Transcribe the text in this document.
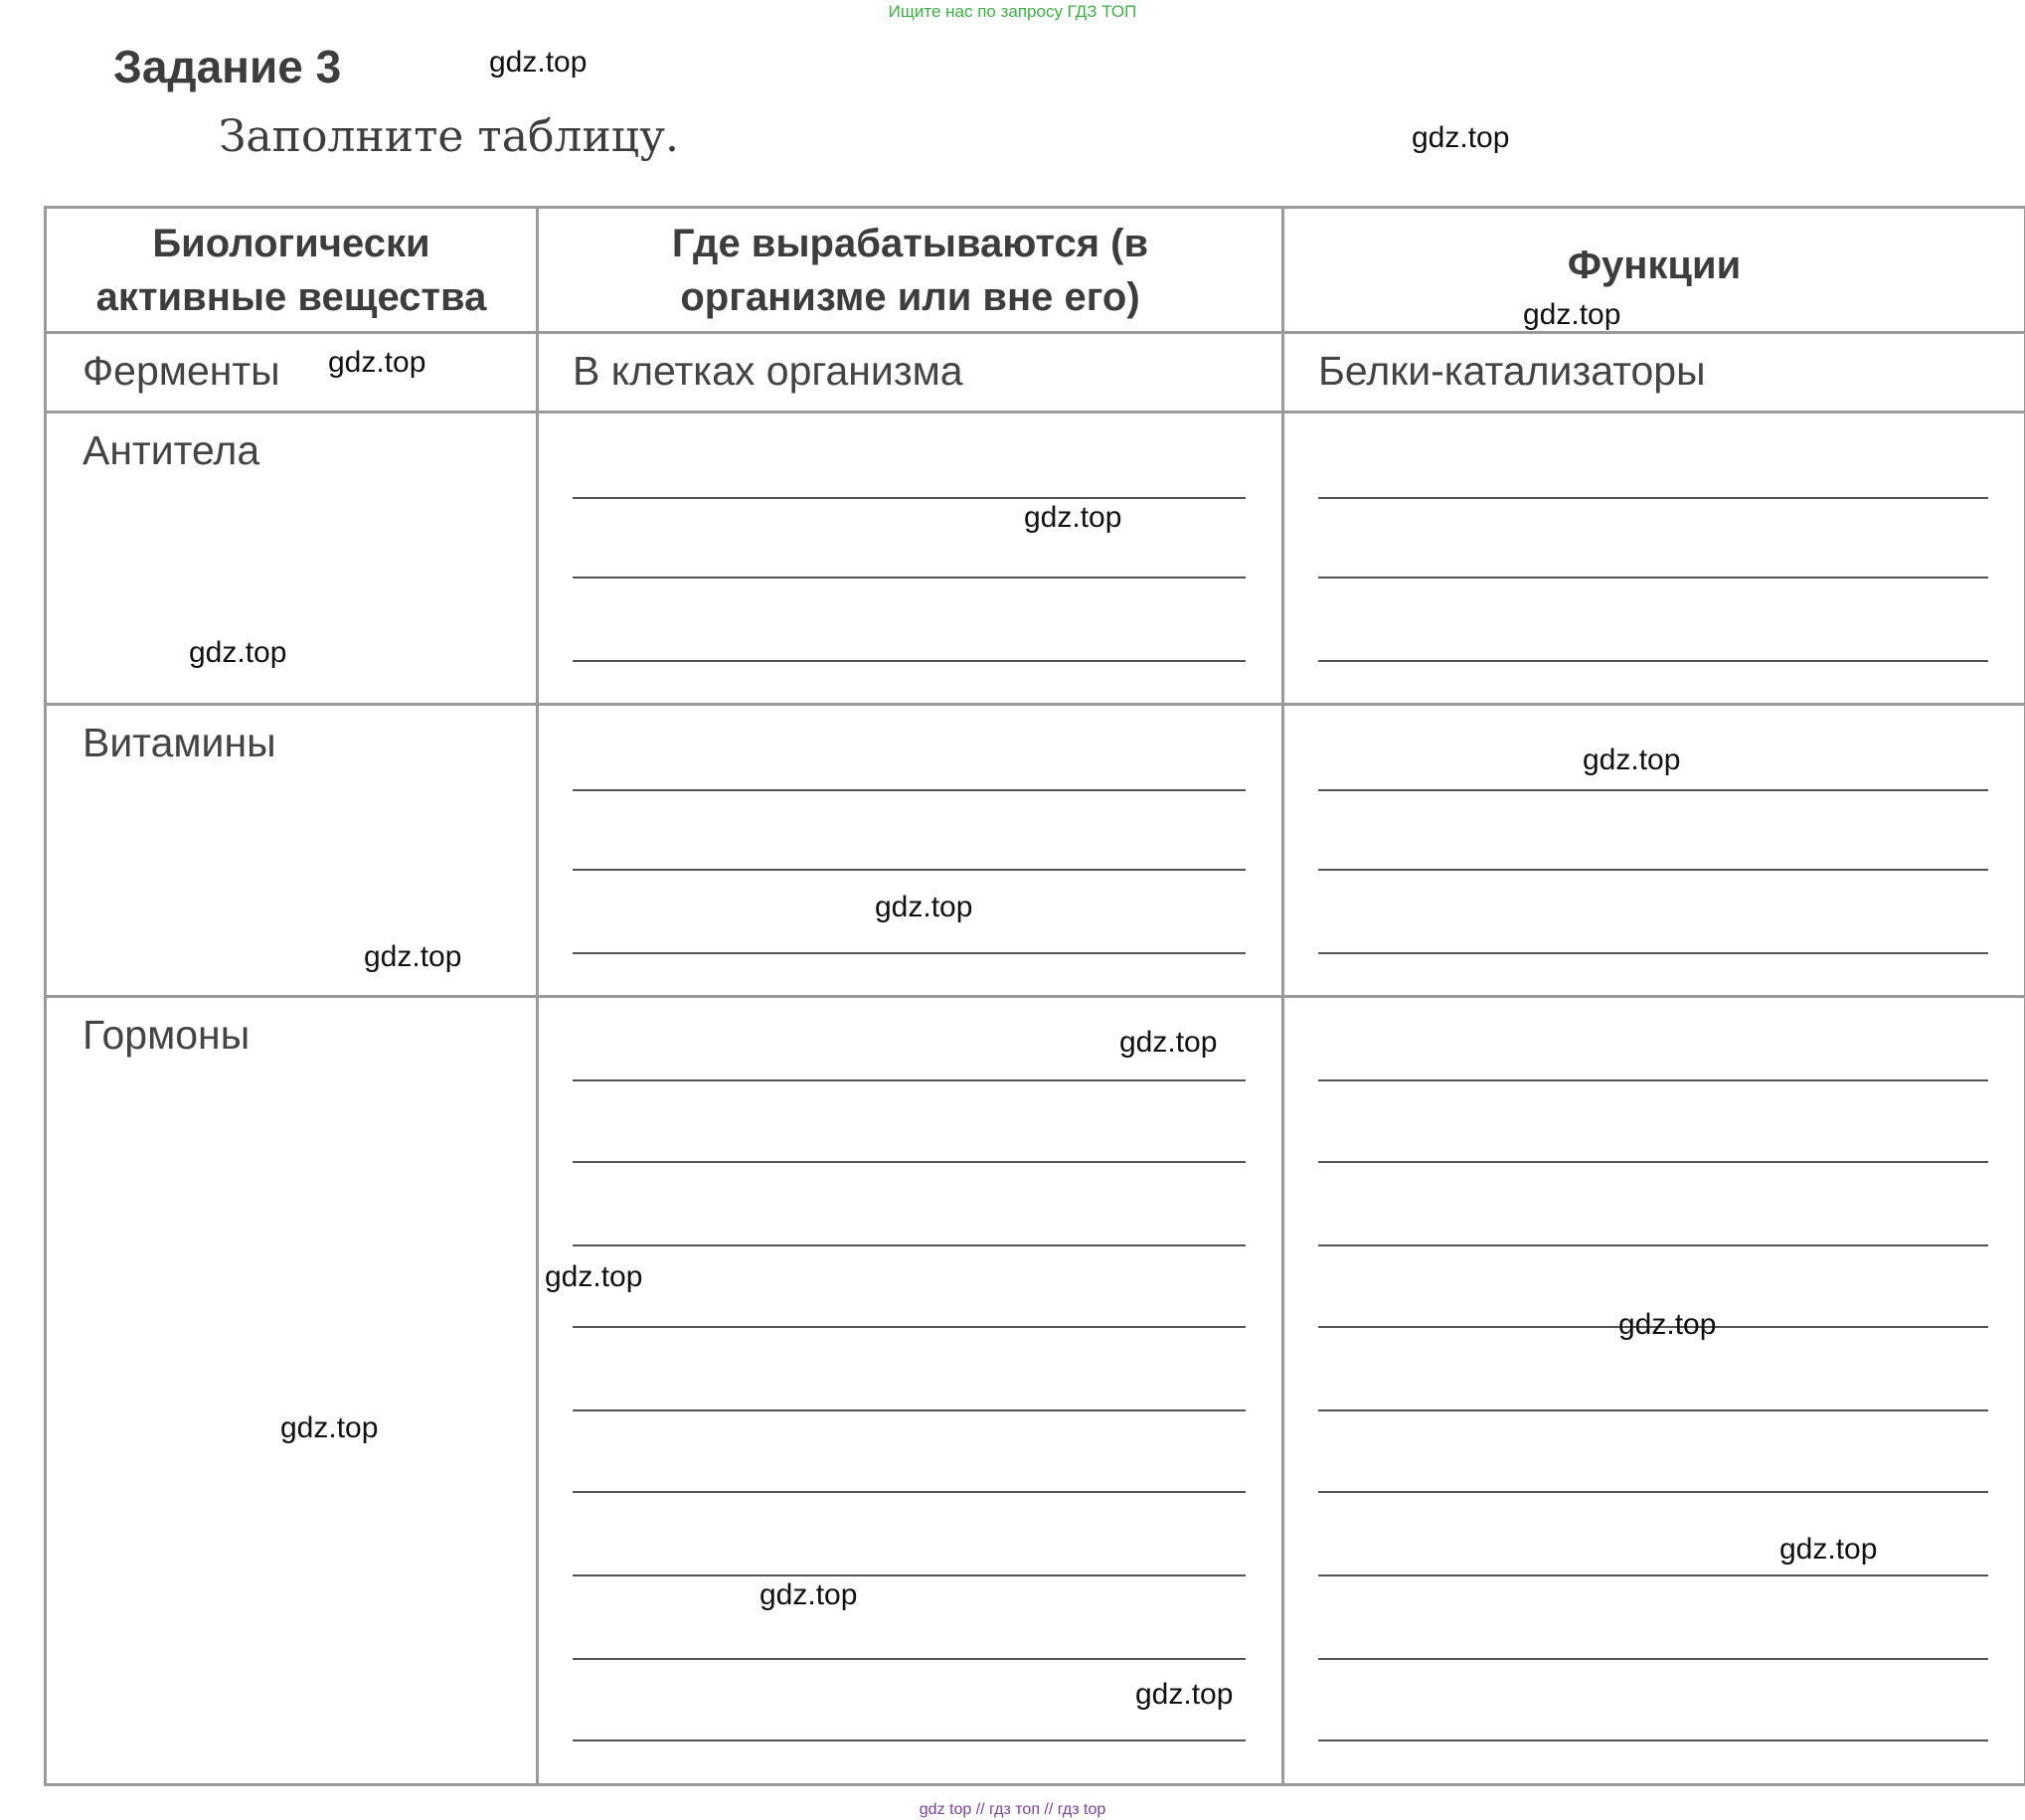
Ищите нас по запросу ГДЗ ТОП
Задание 3
Заполните таблицу.
Биологически активные вещества	Где вырабатываются (в организме или вне его)	Функции

Ферменты	В клетках организма	Белки-катализаторы

Антитела		

Витамины		

Гормоны		

gdz.top
gdz.top
gdz.top
gdz.top
gdz.top
gdz.top
gdz.top
gdz.top
gdz.top
gdz.top
gdz.top
gdz.top
gdz.top
gdz.top
gdz.top
gdz.top
gdz top // гдз топ // гдз top
